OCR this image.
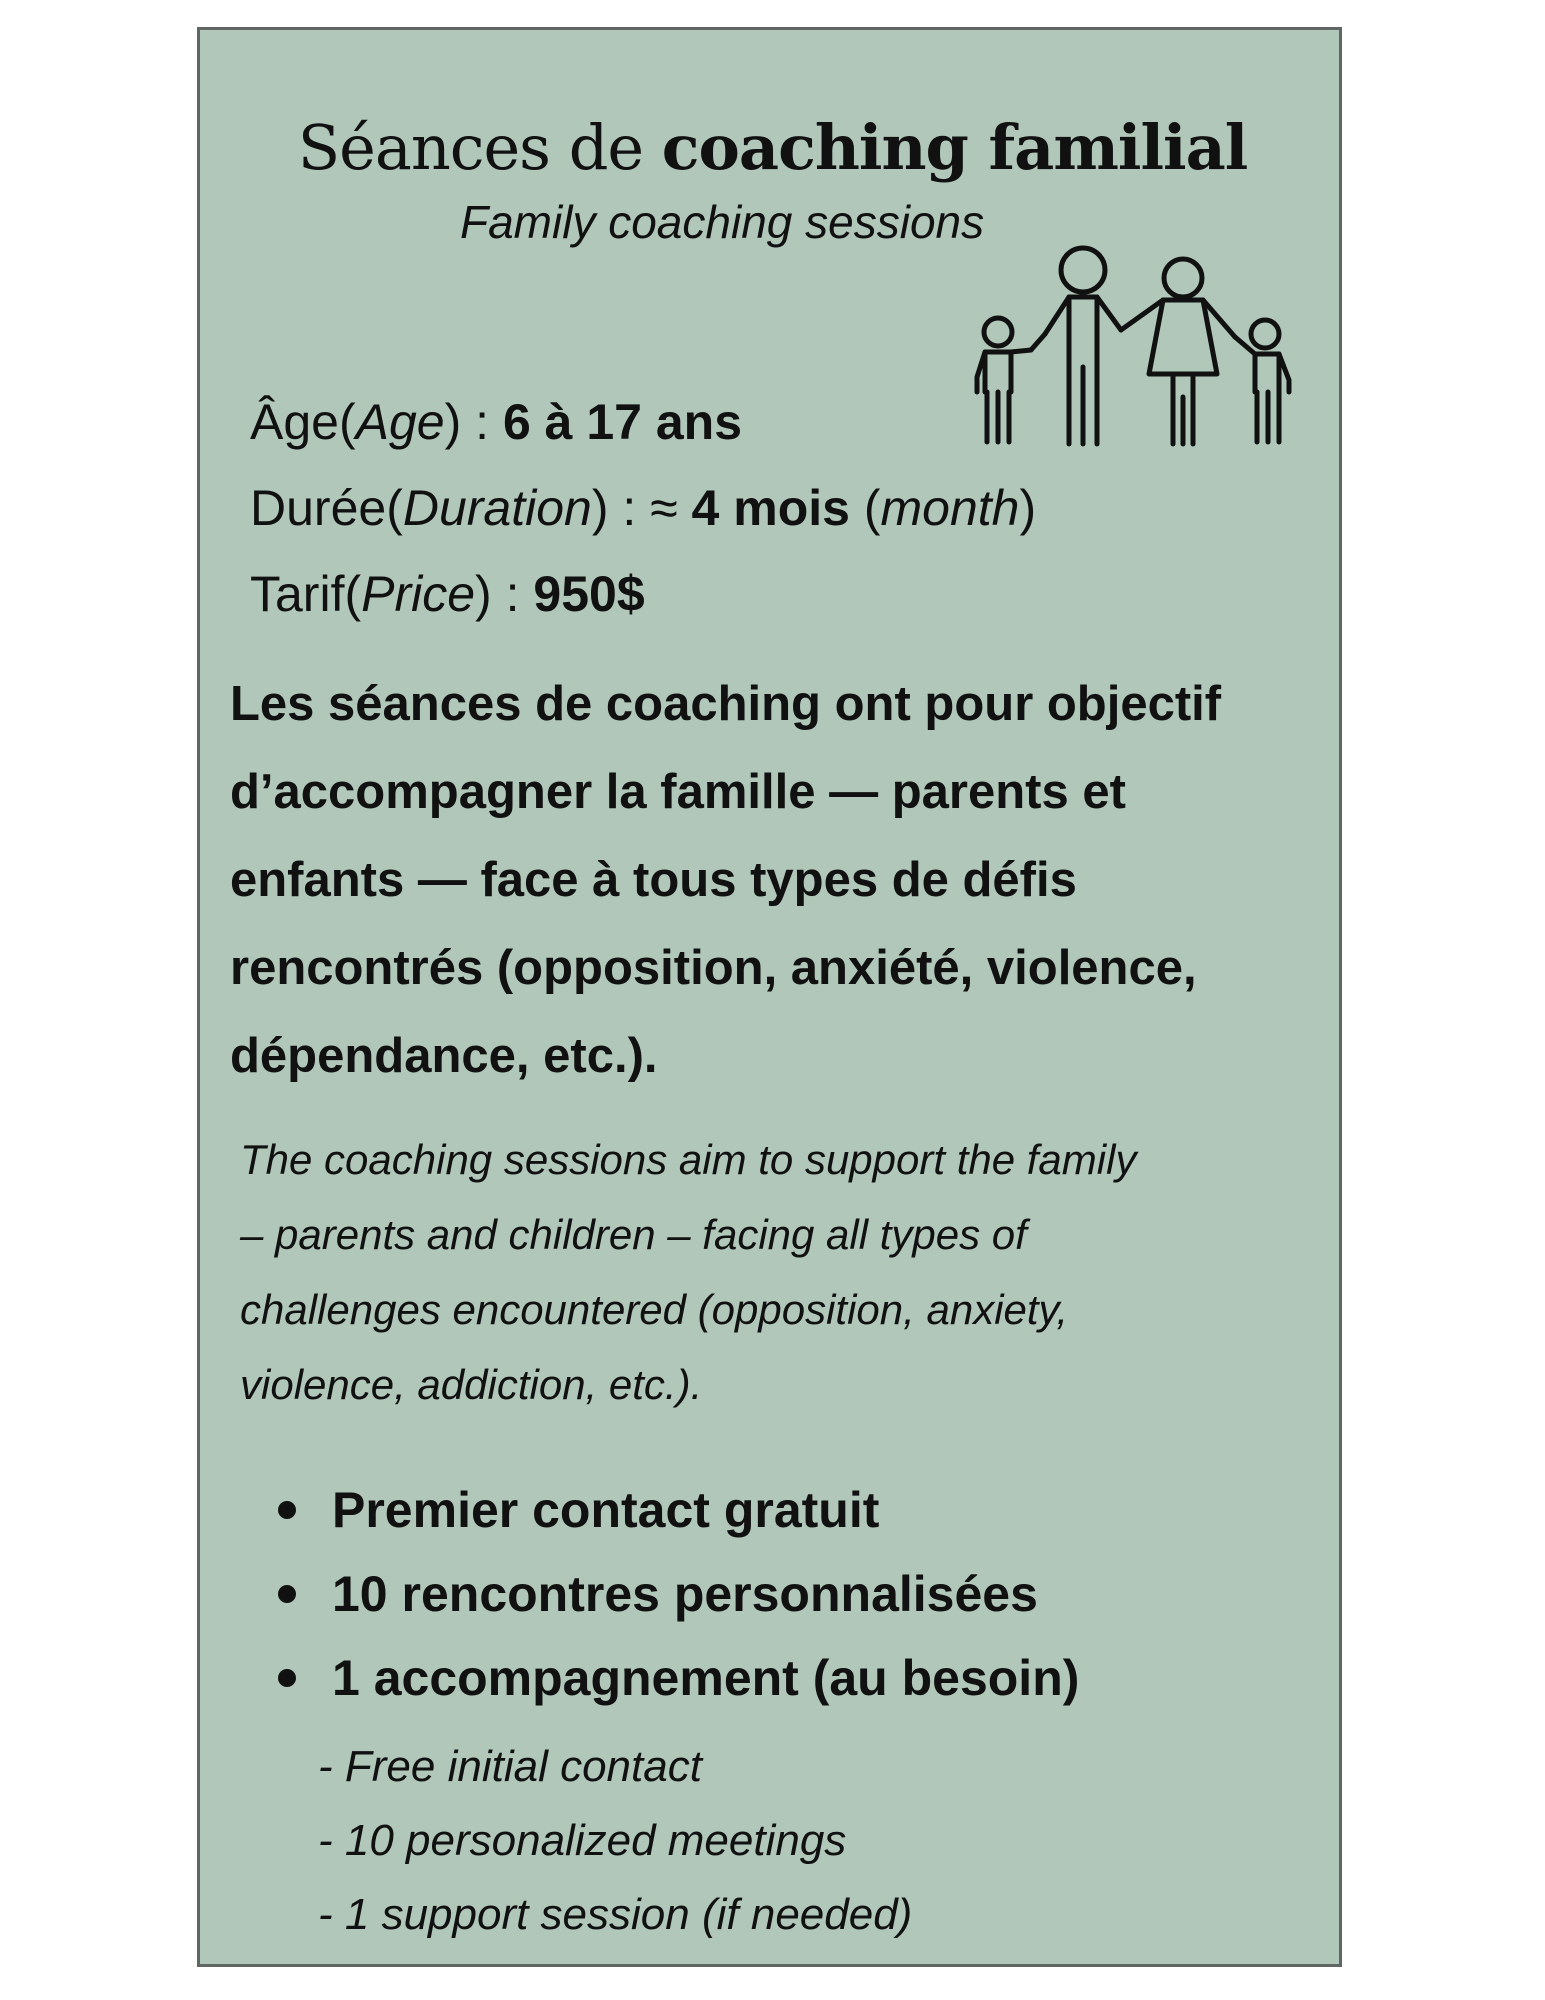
Séances de coaching familial
Family coaching sessions
Âge(Age) : 6 à 17 ans
Durée(Duration) : ≈ 4 mois (month)
Tarif(Price) : 950$
Les séances de coaching ont pour objectif
d’accompagner la famille — parents et
enfants — face à tous types de défis
rencontrés (opposition, anxiété, violence,
dépendance, etc.).
The coaching sessions aim to support the family
– parents and children – facing all types of
challenges encountered (opposition, anxiety,
violence, addiction, etc.).
Premier contact gratuit
10 rencontres personnalisées
1 accompagnement (au besoin)
- Free initial contact
- 10 personalized meetings
- 1 support session (if needed)
